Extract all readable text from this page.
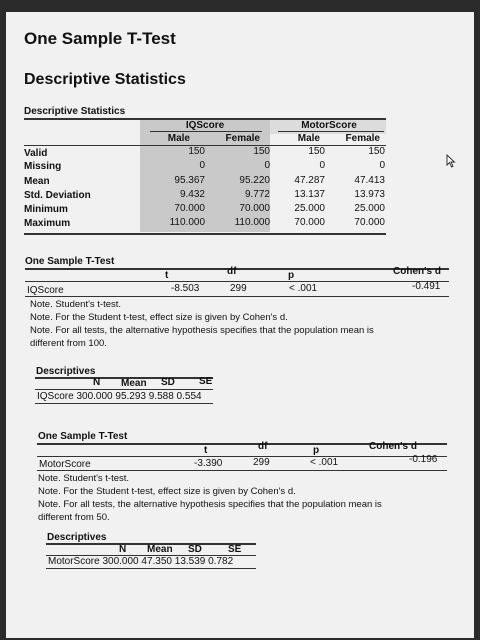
One Sample T-Test
Descriptive Statistics
Descriptive Statistics
IQScore	MotorScore
Male	Female	Male	Female
Valid	150	150	150	150
Missing	0	0	0	0
Mean	95.367	95.220	47.287	47.413
Std. Deviation	9.432	9.772	13.137	13.973
Minimum	70.000	70.000	25.000	25.000
Maximum	110.000	110.000	70.000	70.000
One Sample T-Test
t	df	p	Cohen's d
IQScore	-8.503	299	< .001	-0.491
Note. Student's t-test.
Note. For the Student t-test, effect size is given by Cohen's d.
Note. For all tests, the alternative hypothesis specifies that the population mean is
different from 100.
Descriptives
N Mean SD SE
IQScore 300.000 95.293 9.588 0.554
One Sample T-Test
t	df	p	Cohen's d
MotorScore	-3.390	299	< .001	-0.196
Note. Student's t-test.
Note. For the Student t-test, effect size is given by Cohen's d.
Note. For all tests, the alternative hypothesis specifies that the population mean is
different from 50.
Descriptives
N Mean SD	SE
MotorScore 300.000 47.350 13.539 0.782
